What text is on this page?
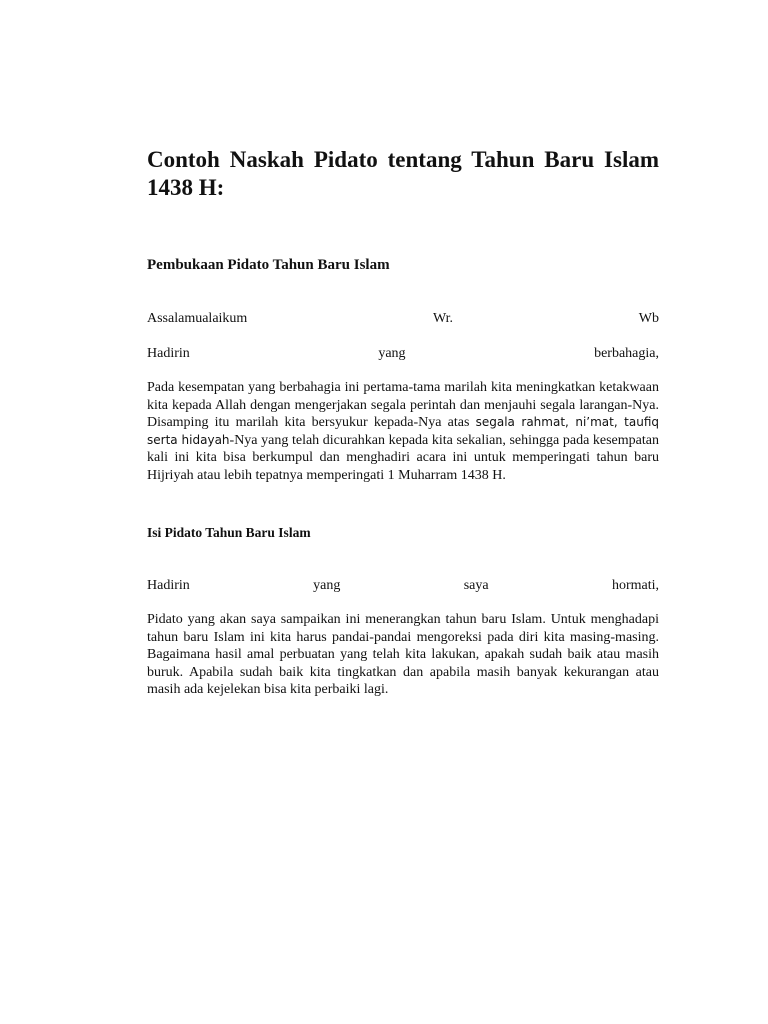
Contoh Naskah Pidato tentang Tahun Baru Islam
1438 H:
Pembukaan Pidato Tahun Baru Islam
Assalamualaikum	Wr.	Wb
Hadirin	yang	berbahagia,

Pada kesempatan yang berbahagia ini pertama-tama marilah kita meningkatkan ketakwaan kita kepada Allah dengan mengerjakan segala perintah dan menjauhi segala larangan-Nya. Disamping itu marilah kita bersyukur kepada-Nya atas segala rahmat, ni’mat, taufiq serta hidayah-Nya yang telah dicurahkan kepada kita sekalian, sehingga pada kesempatan kali ini kita bisa berkumpul dan menghadiri acara ini untuk memperingati tahun baru Hijriyah atau lebih tepatnya memperingati 1 Muharram 1438 H.

Isi Pidato Tahun Baru Islam
Hadirin	yang	saya	hormati,

Pidato yang akan saya sampaikan ini menerangkan tahun baru Islam. Untuk menghadapi tahun baru Islam ini kita harus pandai-pandai mengoreksi pada diri kita masing-masing. Bagaimana hasil amal perbuatan yang telah kita lakukan, apakah sudah baik atau masih buruk. Apabila sudah baik kita tingkatkan dan apabila masih banyak kekurangan atau masih ada kejelekan bisa kita perbaiki lagi.
